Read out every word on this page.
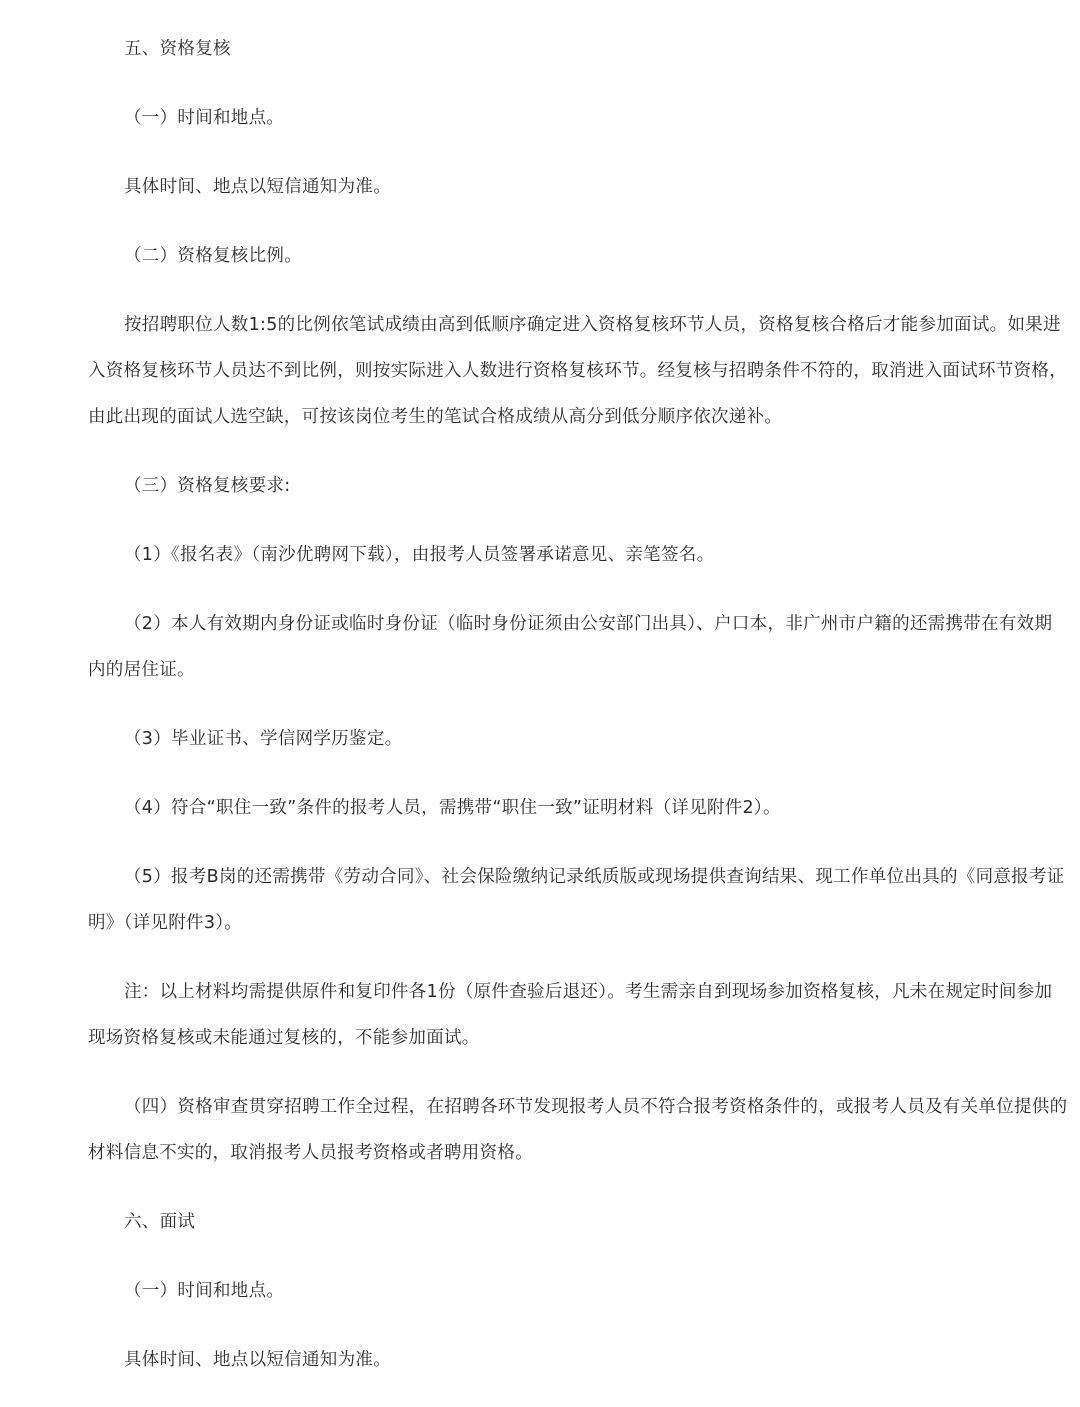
五、资格复核

（一）时间和地点。

具体时间、地点以短信通知为准。

（二）资格复核比例。

按招聘职位人数1:5的比例依笔试成绩由高到低顺序确定进入资格复核环节人员，资格复核合格后才能参加面试。如果进入资格复核环节人员达不到比例，则按实际进入人数进行资格复核环节。经复核与招聘条件不符的，取消进入面试环节资格，由此出现的面试人选空缺，可按该岗位考生的笔试合格成绩从高分到低分顺序依次递补。

（三）资格复核要求:

（1）《报名表》（南沙优聘网下载），由报考人员签署承诺意见、亲笔签名。

（2）本人有效期内身份证或临时身份证（临时身份证须由公安部门出具）、户口本，非广州市户籍的还需携带在有效期内的居住证。

（3）毕业证书、学信网学历鉴定。

（4）符合“职住一致”条件的报考人员，需携带“职住一致”证明材料（详见附件2）。

（5）报考B岗的还需携带《劳动合同》、社会保险缴纳记录纸质版或现场提供查询结果、现工作单位出具的《同意报考证明》（详见附件3）。

注：以上材料均需提供原件和复印件各1份（原件查验后退还）。考生需亲自到现场参加资格复核，凡未在规定时间参加现场资格复核或未能通过复核的，不能参加面试。

（四）资格审查贯穿招聘工作全过程，在招聘各环节发现报考人员不符合报考资格条件的，或报考人员及有关单位提供的材料信息不实的，取消报考人员报考资格或者聘用资格。

六、面试

（一）时间和地点。

具体时间、地点以短信通知为准。
